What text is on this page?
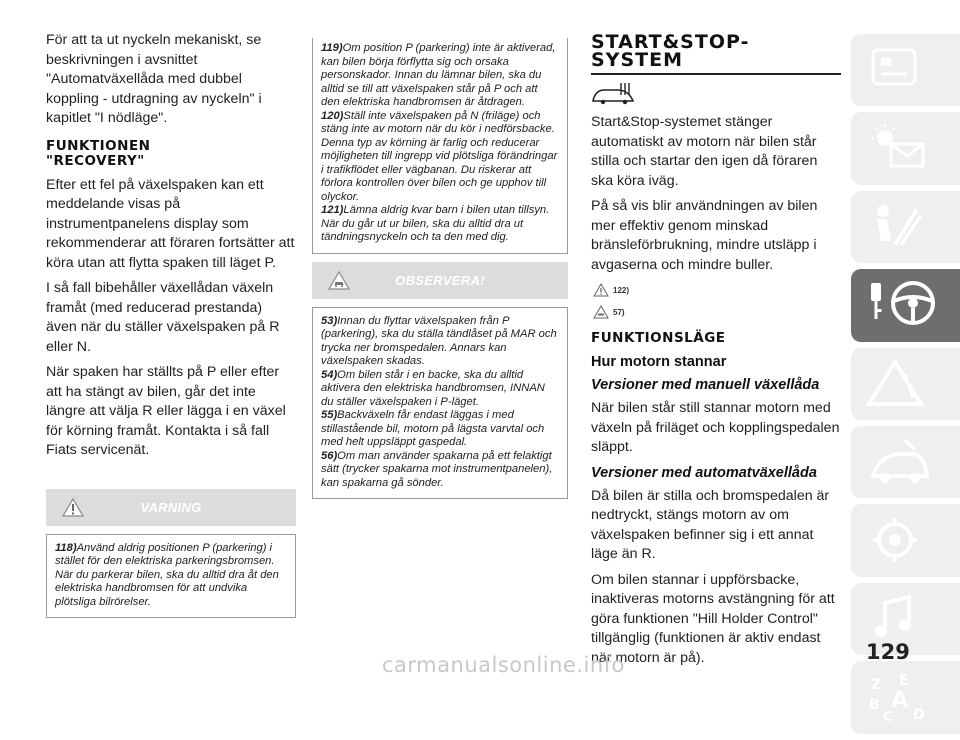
För att ta ut nyckeln mekaniskt, se beskrivningen i avsnittet "Automatväxellåda med dubbel koppling - utdragning av nyckeln" i kapitlet "I nödläge".

FUNKTIONEN "RECOVERY"

Efter ett fel på växelspaken kan ett meddelande visas på instrumentpanelens display som rekommenderar att föraren fortsätter att köra utan att flytta spaken till läget P.

I så fall bibehåller växellådan växeln framåt (med reducerad prestanda) även när du ställer växelspaken på R eller N.

När spaken har ställts på P eller efter att ha stängt av bilen, går det inte längre att välja R eller lägga i en växel för körning framåt. Kontakta i så fall Fiats servicenät.

VARNING

118)Använd aldrig positionen P (parkering) i stället för den elektriska parkeringsbromsen. När du parkerar bilen, ska du alltid dra åt den elektriska handbromsen för att undvika plötsliga bilrörelser.

119)Om position P (parkering) inte är aktiverad, kan bilen börja förflytta sig och orsaka personskador. Innan du lämnar bilen, ska du alltid se till att växelspaken står på P och att den elektriska handbromsen är åtdragen.

120)Ställ inte växelspaken på N (friläge) och stäng inte av motorn när du kör i nedförsbacke. Denna typ av körning är farlig och reducerar möjligheten till ingrepp vid plötsliga förändringar i trafikflödet eller vägbanan. Du riskerar att förlora kontrollen över bilen och ge upphov till olyckor.

121)Lämna aldrig kvar barn i bilen utan tillsyn. När du går ut ur bilen, ska du alltid dra ut tändningsnyckeln och ta den med dig.

OBSERVERA!

53)Innan du flyttar växelspaken från P (parkering), ska du ställa tändlåset på MAR och trycka ner bromspedalen. Annars kan växelspaken skadas.

54)Om bilen står i en backe, ska du alltid aktivera den elektriska handbromsen, INNAN du ställer växelspaken i P-läget.

55)Backväxeln får endast läggas i med stillastående bil, motorn på lägsta varvtal och med helt uppsläppt gaspedal.

56)Om man använder spakarna på ett felaktigt sätt (trycker spakarna mot instrumentpanelen), kan spakarna gå sönder.

START&STOP-
SYSTEM

Start&Stop-systemet stänger automatiskt av motorn när bilen står stilla och startar den igen då föraren ska köra iväg.

På så vis blir användningen av bilen mer effektiv genom minskad bränsleförbrukning, mindre utsläpp i avgaserna och mindre buller.

122)
57)
FUNKTIONSLÄGE
Hur motorn stannar
Versioner med manuell växellåda

När bilen står still stannar motorn med växeln på friläget och kopplingspedalen släppt.

Versioner med automatväxellåda

Då bilen är stilla och bromspedalen är nedtryckt, stängs motorn av om växelspaken befinner sig i ett annat läge än R.

Om bilen stannar i uppförsbacke, inaktiveras motorns avstängning för att göra funktionen "Hill Holder Control" tillgänglig (funktionen är aktiv endast när motorn är på).

Z E
B A
C D
129
carmanualsonline.info
